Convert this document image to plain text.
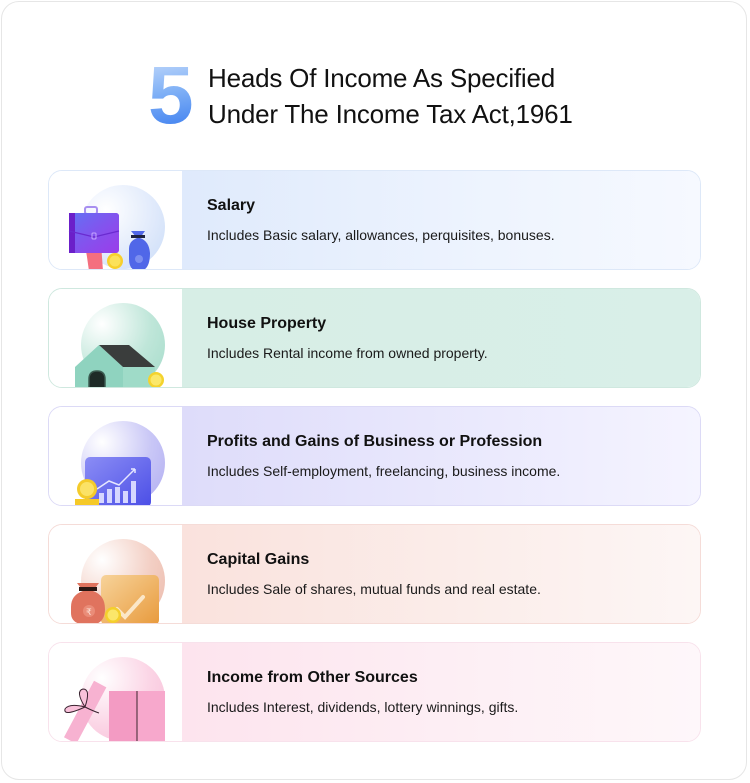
5 Heads Of Income As Specified
Under The Income Tax Act,1961
Salary
Includes Basic salary, allowances, perquisites, bonuses.
House Property
Includes Rental income from owned property.
Profits and Gains of Business or Profession
Includes Self-employment, freelancing, business income.
₹
Capital Gains
Includes Sale of shares, mutual funds and real estate.
Income from Other Sources
Includes Interest, dividends, lottery winnings, gifts.
